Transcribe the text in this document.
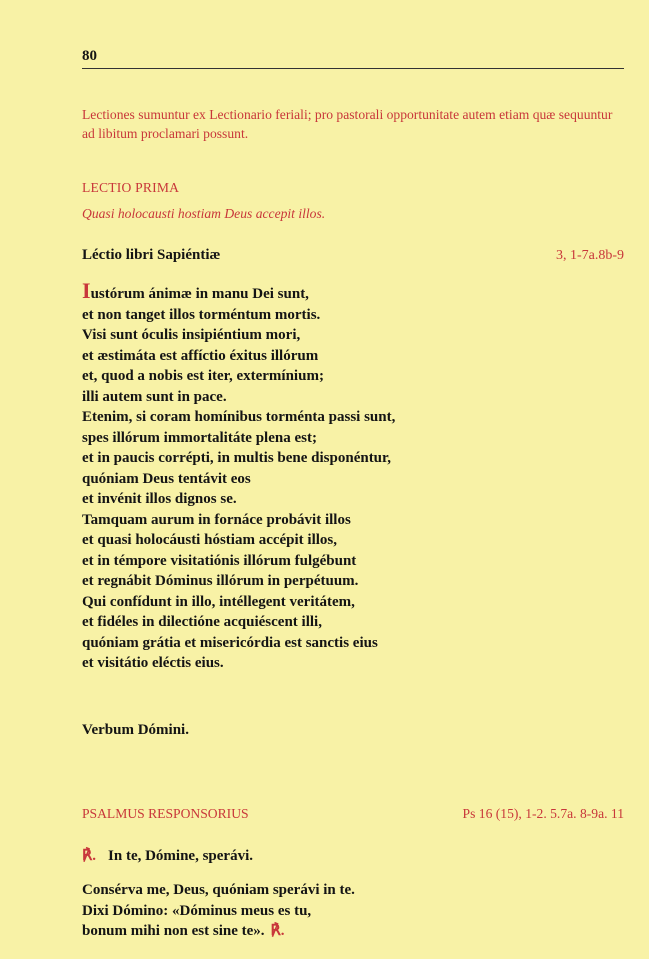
80
Lectiones sumuntur ex Lectionario feriali; pro pastorali opportunitate autem etiam quæ sequuntur ad libitum proclamari possunt.
LECTIO PRIMA
Quasi holocausti hostiam Deus accepit illos.
Léctio libri Sapiéntiæ	3, 1-7a.8b-9
Iustórum ánimæ in manu Dei sunt,
et non tanget illos torméntum mortis.
Visi sunt óculis insipiéntium mori,
et æstimáta est affíctio éxitus illórum
et, quod a nobis est iter, extermínium;
illi autem sunt in pace.
Etenim, si coram homínibus torménta passi sunt,
spes illórum immortalitáte plena est;
et in paucis corrépti, in multis bene disponéntur,
quóniam Deus tentávit eos
et invénit illos dignos se.
Tamquam aurum in fornáce probávit illos
et quasi holocáusti hóstiam accépit illos,
et in témpore visitatiónis illórum fulgébunt
et regnábit Dóminus illórum in perpétuum.
Qui confídunt in illo, intéllegent veritátem,
et fidéles in dilectióne acquiéscent illi,
quóniam grátia et misericórdia est sanctis eius
et visitátio eléctis eius.
Verbum Dómini.
PSALMUS RESPONSORIUS	Ps 16 (15), 1-2. 5.7a. 8-9a. 11
℟. In te, Dómine, sperávi.
Consérva me, Deus, quóniam sperávi in te.
Dixi Dómino: «Dóminus meus es tu,
bonum mihi non est sine te». ℟.
